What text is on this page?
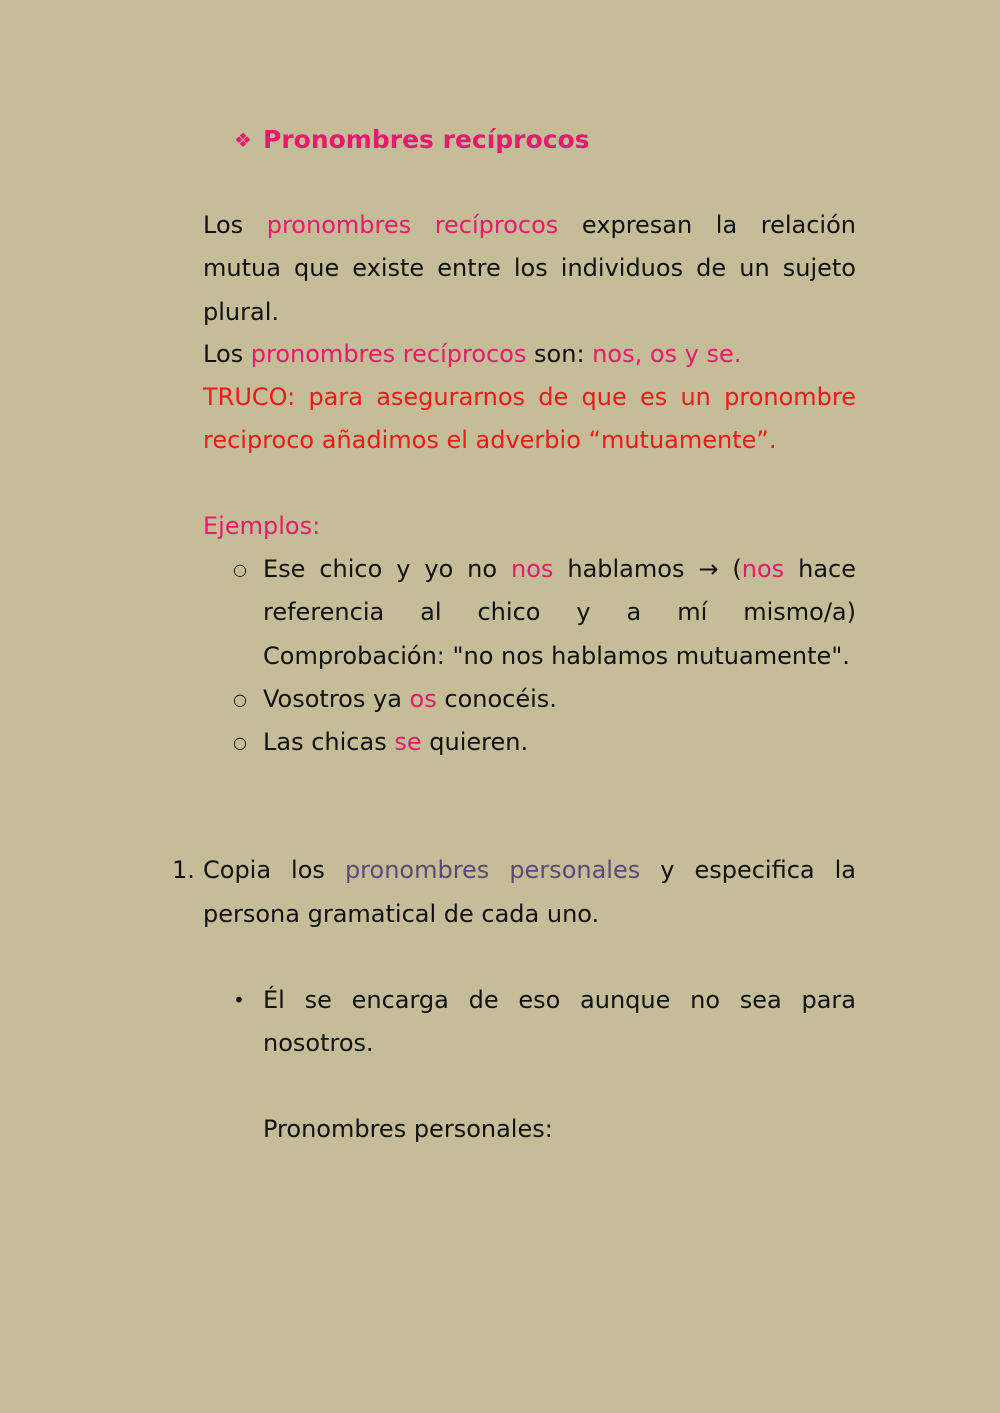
❖ Pronombres recíprocos
Los pronombres recíprocos expresan la relación
mutua que existe entre los individuos de un sujeto
plural.
Los pronombres recíprocos son: nos, os y se.
TRUCO: para asegurarnos de que es un pronombre
reciproco añadimos el adverbio “mutuamente”.
Ejemplos:
○ Ese chico y yo no nos hablamos → (nos hace
referencia al chico y a mí mismo/a)
Comprobación: "no nos hablamos mutuamente".
○ Vosotros ya os conocéis.
○ Las chicas se quieren.
1. Copia los pronombres personales y especifica la
persona gramatical de cada uno.
• Él se encarga de eso aunque no sea para
nosotros.
Pronombres personales:
